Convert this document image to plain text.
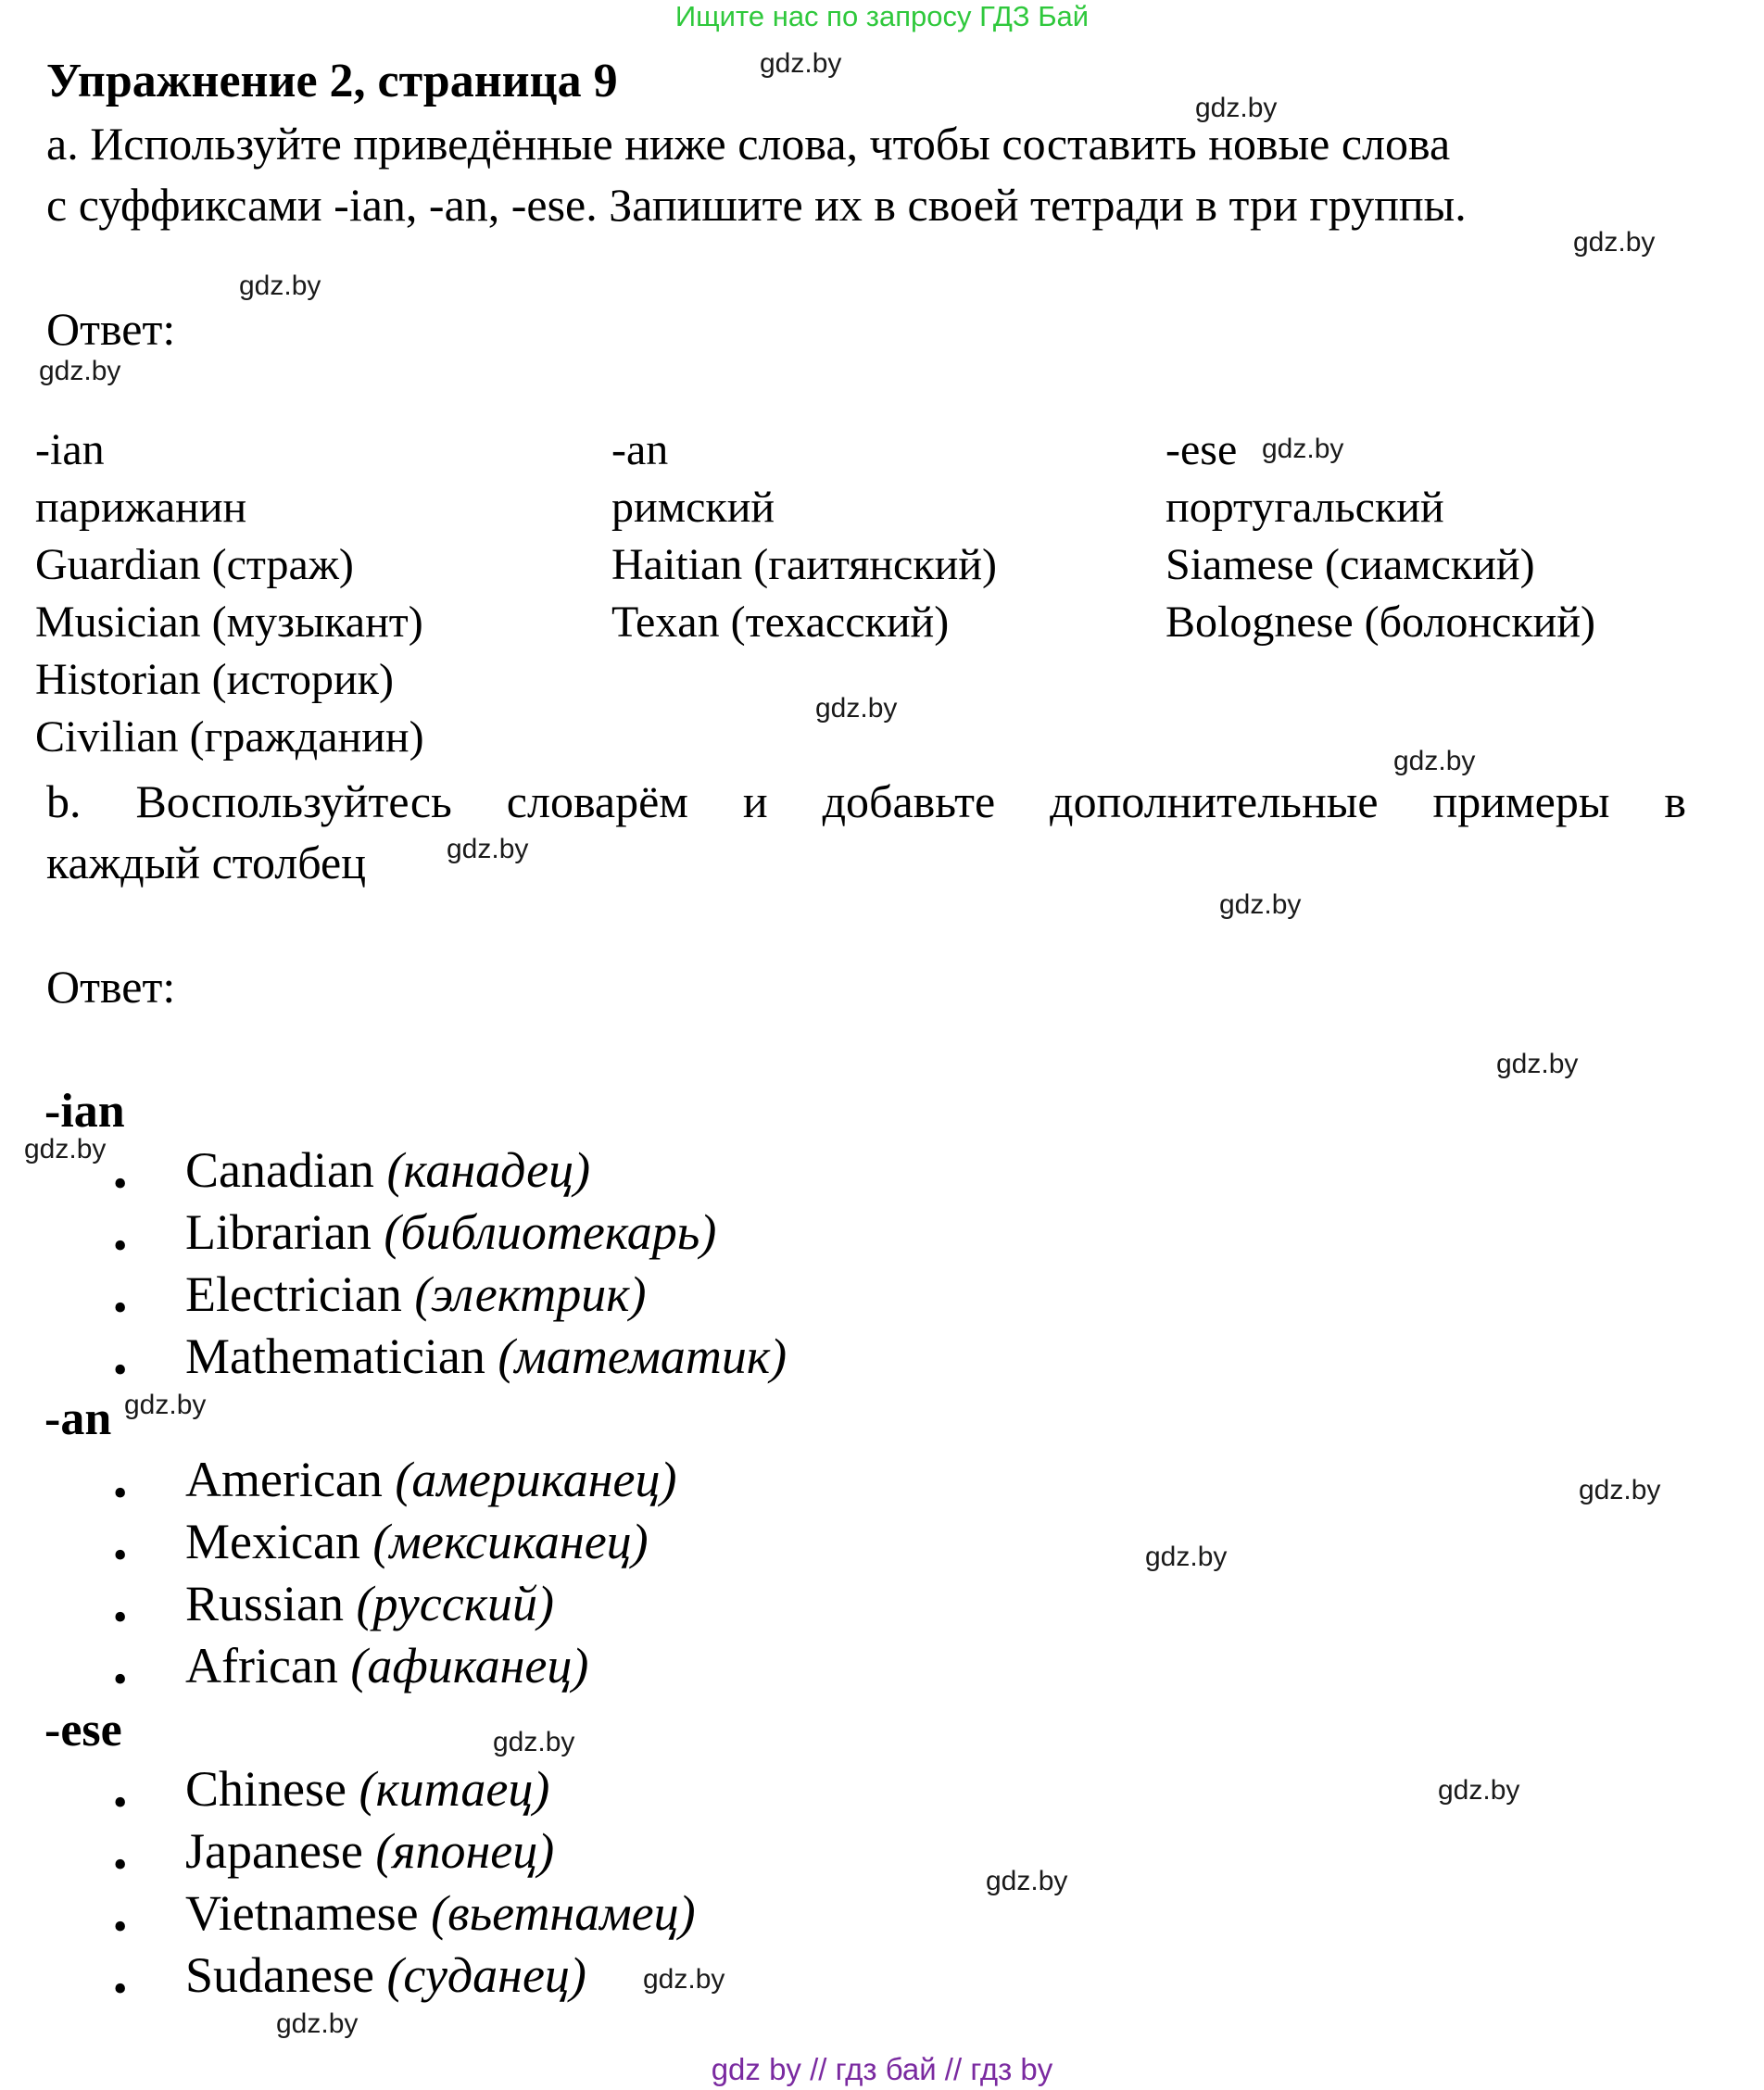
Ищите нас по запросу ГДЗ Бай
Упражнение 2, страница 9
a. Используйте приведённые ниже слова, чтобы составить новые слова
с суффиксами -ian, -an, -ese. Запишите их в своей тетради в три группы.
Ответ:
-ian
парижанин
Guardian (страж)
Musician (музыкант)
Historian (историк)
Civilian (гражданин)
-an
римский
Haitian (гаитянский)
Texan (техасский)
-ese
португальский
Siamese (сиамский)
Bolognese (болонский)
b. Воспользуйтесь словарём и добавьте дополнительные примеры в
каждый столбец
Ответ:
-ian
• Canadian (канадец)
• Librarian (библиотекарь)
• Electrician (электрик)
• Mathematician (математик)
-an
• American (американец)
• Mexican (мексиканец)
• Russian (русский)
• African (афиканец)
-ese
• Chinese (китаец)
• Japanese (японец)
• Vietnamese (вьетнамец)
• Sudanese (суданец)
gdz.by
gdz.by
gdz.by
gdz.by
gdz.by
gdz.by
gdz.by
gdz.by
gdz.by
gdz.by
gdz.by
gdz.by
gdz.by
gdz.by
gdz.by
gdz.by
gdz.by
gdz.by
gdz.by
gdz.by
gdz by // гдз бай // гдз by
